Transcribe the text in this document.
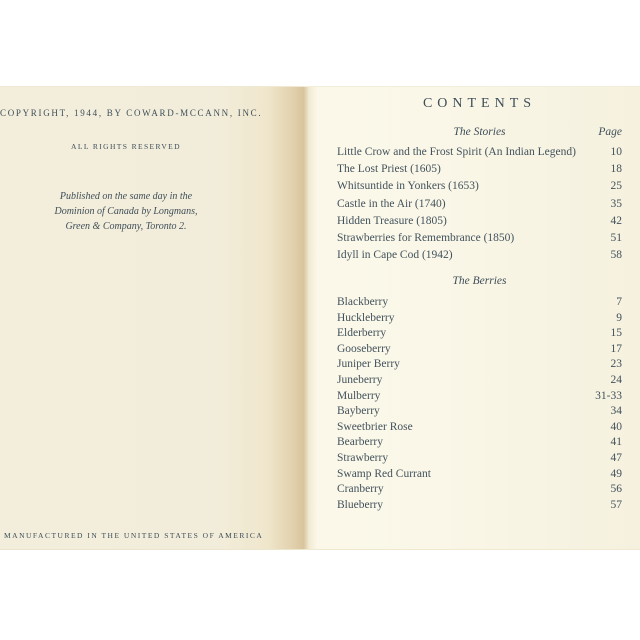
COPYRIGHT, 1944, BY COWARD-MCCANN, INC.
ALL RIGHTS RESERVED
Published on the same day in the
Dominion of Canada by Longmans,
Green & Company, Toronto 2.
MANUFACTURED IN THE UNITED STATES OF AMERICA
CONTENTS
The Stories	Page
Little Crow and the Frost Spirit (An Indian Legend)	10
The Lost Priest (1605)	18
Whitsuntide in Yonkers (1653)	25
Castle in the Air (1740)	35
Hidden Treasure (1805)	42
Strawberries for Remembrance (1850)	51
Idyll in Cape Cod (1942)	58
The Berries
Blackberry	7
Huckleberry	9
Elderberry	15
Gooseberry	17
Juniper Berry	23
Juneberry	24
Mulberry	31-33
Bayberry	34
Sweetbrier Rose	40
Bearberry	41
Strawberry	47
Swamp Red Currant	49
Cranberry	56
Blueberry	57
